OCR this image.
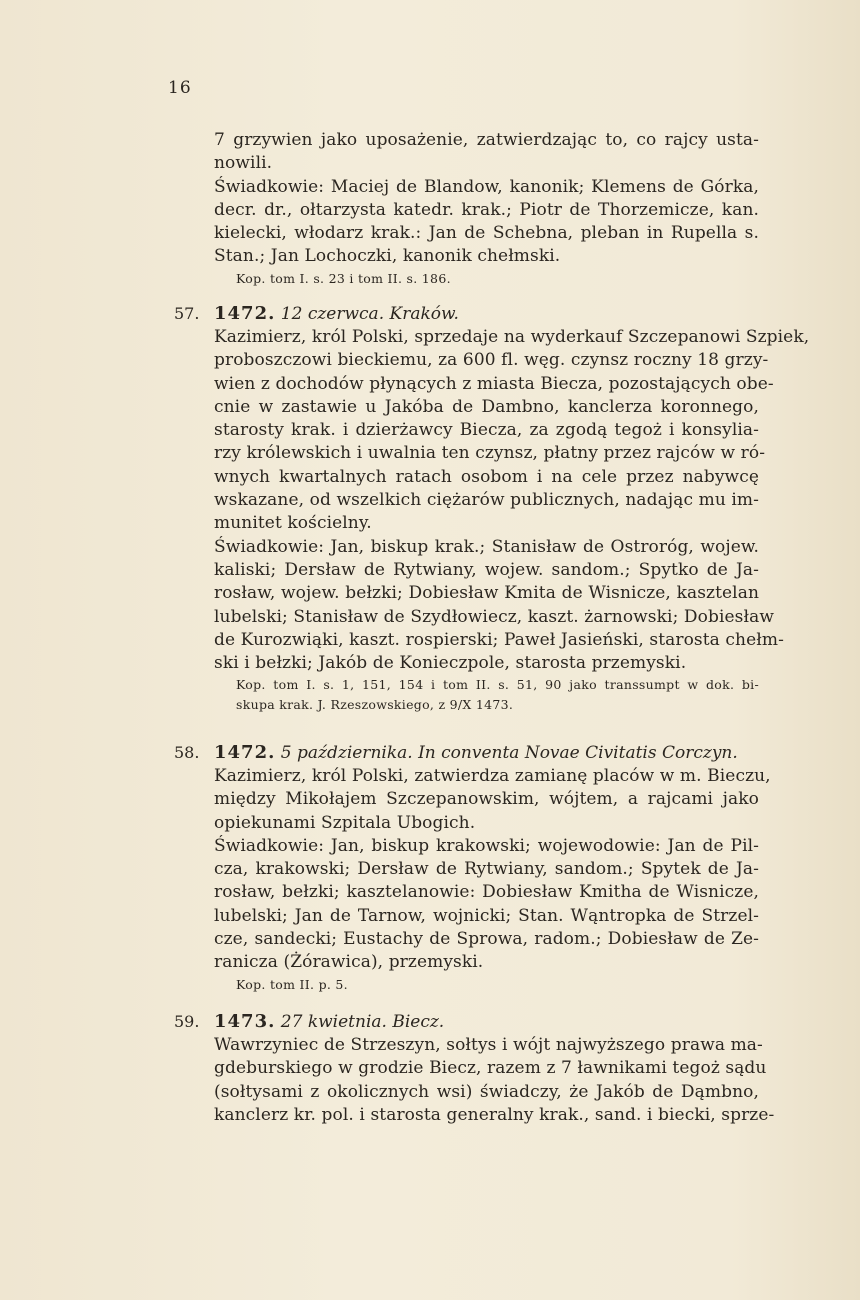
16
7 grzywien jako uposażenie, zatwierdzając to, co rajcy usta-
nowili.
Świadkowie: Maciej de Blandow, kanonik; Klemens de Górka,
decr. dr., ołtarzysta katedr. krak.; Piotr de Thorzemicze, kan.
kielecki, włodarz krak.: Jan de Schebna, pleban in Rupella s.
Stan.; Jan Lochoczki, kanonik chełmski.
Kop. tom I. s. 23 i tom II. s. 186.
57. 1472. 12 czerwca. Kraków.
Kazimierz, król Polski, sprzedaje na wyderkauf Szczepanowi Szpiek,
proboszczowi bieckiemu, za 600 fl. węg. czynsz roczny 18 grzy-
wien z dochodów płynących z miasta Biecza, pozostających obe-
cnie w zastawie u Jakóba de Dambno, kanclerza koronnego,
starosty krak. i dzierżawcy Biecza, za zgodą tegoż i konsylia-
rzy królewskich i uwalnia ten czynsz, płatny przez rajców w ró-
wnych kwartalnych ratach osobom i na cele przez nabywcę
wskazane, od wszelkich ciężarów publicznych, nadając mu im-
munitet kościelny.
Świadkowie: Jan, biskup krak.; Stanisław de Ostroróg, wojew.
kaliski; Dersław de Rytwiany, wojew. sandom.; Spytko de Ja-
rosław, wojew. bełzki; Dobiesław Kmita de Wisnicze, kasztelan
lubelski; Stanisław de Szydłowiecz, kaszt. żarnowski; Dobiesław
de Kurozwiąki, kaszt. rospierski; Paweł Jasieński, starosta chełm-
ski i bełzki; Jakób de Konieczpole, starosta przemyski.
Kop. tom I. s. 1, 151, 154 i tom II. s. 51, 90 jako transsumpt w dok. bi-
skupa krak. J. Rzeszowskiego, z 9/X 1473.
58. 1472. 5 października. In conventa Novae Civitatis Corczyn.
Kazimierz, król Polski, zatwierdza zamianę placów w m. Bieczu,
między Mikołajem Szczepanowskim, wójtem, a rajcami jako
opiekunami Szpitala Ubogich.
Świadkowie: Jan, biskup krakowski; wojewodowie: Jan de Pil-
cza, krakowski; Dersław de Rytwiany, sandom.; Spytek de Ja-
rosław, bełzki; kasztelanowie: Dobiesław Kmitha de Wisnicze,
lubelski; Jan de Tarnow, wojnicki; Stan. Wąntropka de Strzel-
cze, sandecki; Eustachy de Sprowa, radom.; Dobiesław de Ze-
ranicza (Żórawica), przemyski.
Kop. tom II. p. 5.
59. 1473. 27 kwietnia. Biecz.
Wawrzyniec de Strzeszyn, sołtys i wójt najwyższego prawa ma-
gdeburskiego w grodzie Biecz, razem z 7 ławnikami tegoż sądu
(sołtysami z okolicznych wsi) świadczy, że Jakób de Dąmbno,
kanclerz kr. pol. i starosta generalny krak., sand. i biecki, sprze-
